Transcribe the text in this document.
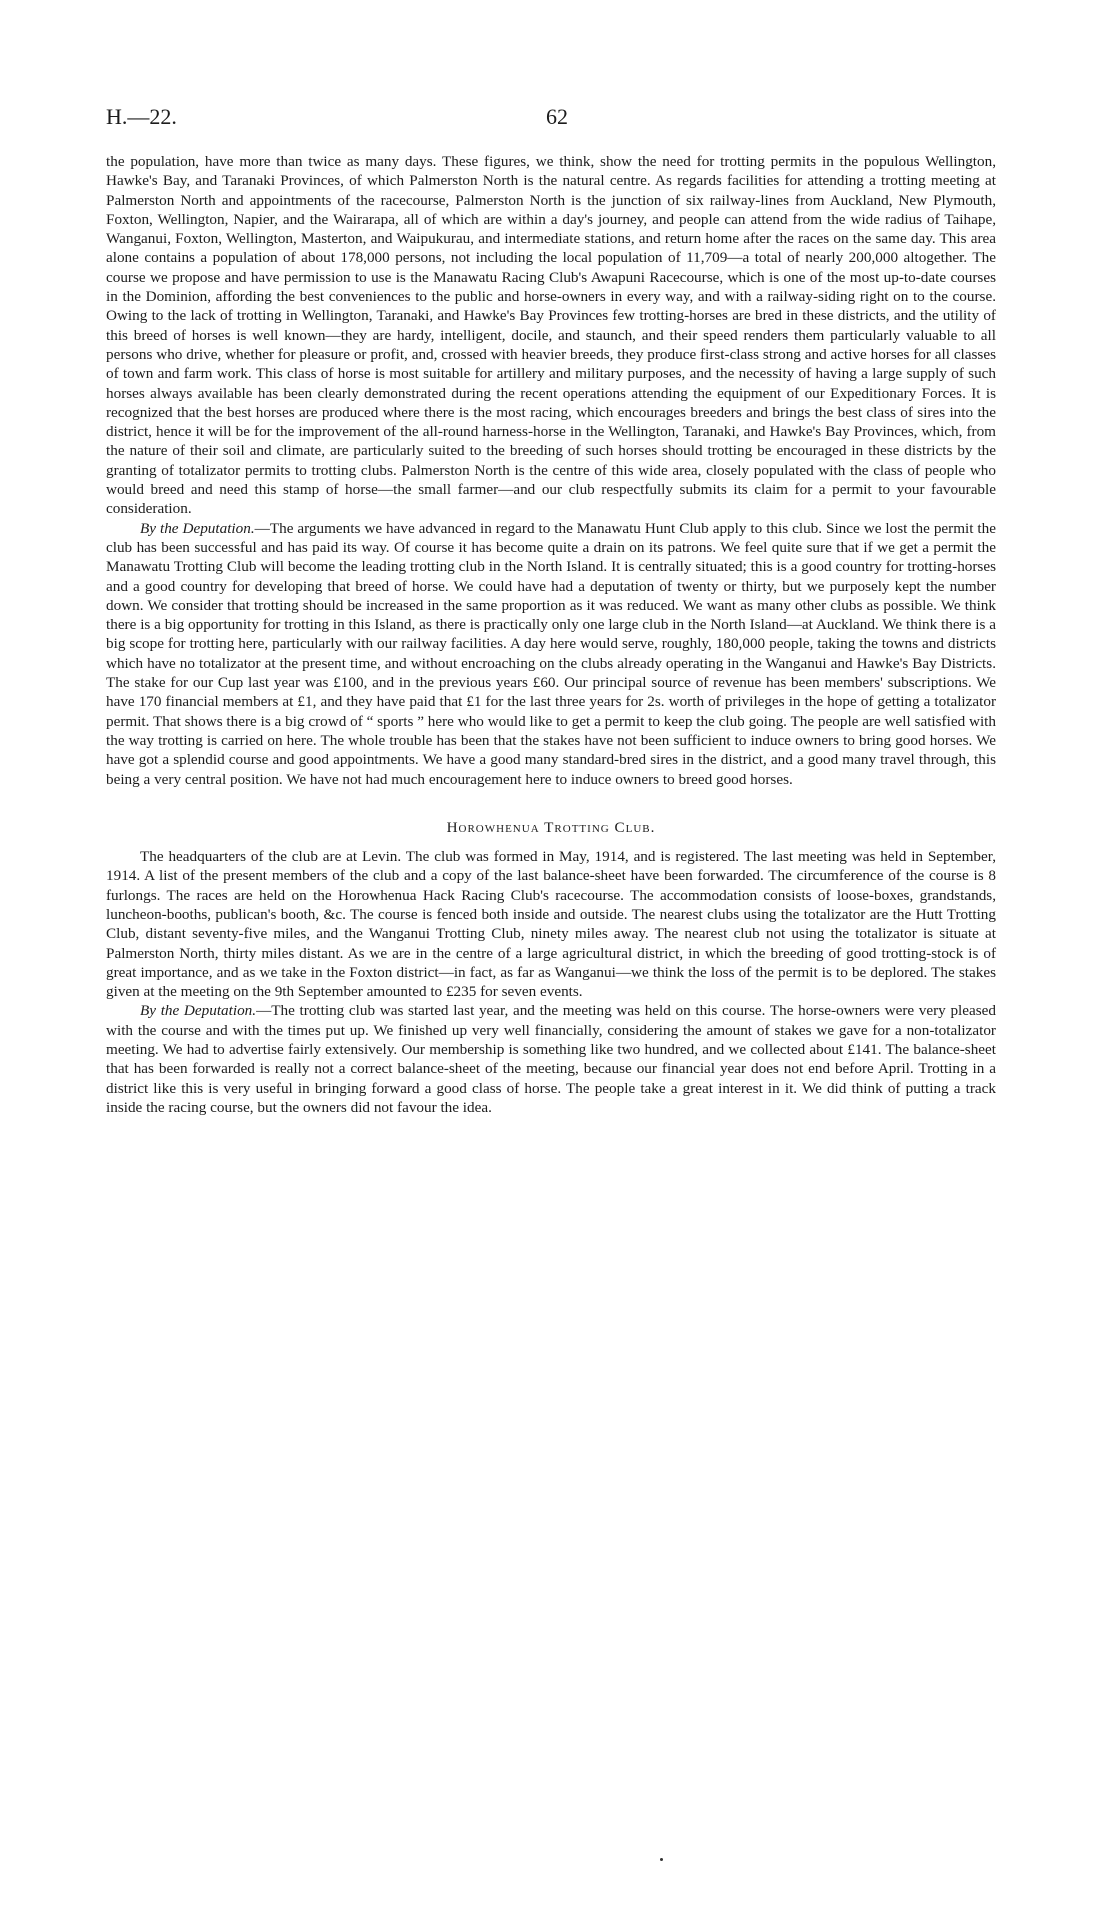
H.—22.	62

the population, have more than twice as many days. These figures, we think, show the need for trotting permits in the populous Wellington, Hawke's Bay, and Taranaki Provinces, of which Palmerston North is the natural centre. As regards facilities for attending a trotting meeting at Palmerston North and appointments of the racecourse, Palmerston North is the junction of six railway-lines from Auckland, New Plymouth, Foxton, Wellington, Napier, and the Wairarapa, all of which are within a day's journey, and people can attend from the wide radius of Taihape, Wanganui, Foxton, Wellington, Masterton, and Waipukurau, and intermediate stations, and return home after the races on the same day. This area alone contains a population of about 178,000 persons, not including the local population of 11,709—a total of nearly 200,000 altogether. The course we propose and have permission to use is the Manawatu Racing Club's Awapuni Racecourse, which is one of the most up-to-date courses in the Dominion, affording the best conveniences to the public and horse-owners in every way, and with a railway-siding right on to the course. Owing to the lack of trotting in Wellington, Taranaki, and Hawke's Bay Provinces few trotting-horses are bred in these districts, and the utility of this breed of horses is well known—they are hardy, intelligent, docile, and staunch, and their speed renders them particularly valuable to all persons who drive, whether for pleasure or profit, and, crossed with heavier breeds, they produce first-class strong and active horses for all classes of town and farm work. This class of horse is most suitable for artillery and military purposes, and the necessity of having a large supply of such horses always available has been clearly demonstrated during the recent operations attending the equipment of our Expeditionary Forces. It is recognized that the best horses are produced where there is the most racing, which encourages breeders and brings the best class of sires into the district, hence it will be for the improvement of the all-round harness-horse in the Wellington, Taranaki, and Hawke's Bay Provinces, which, from the nature of their soil and climate, are particularly suited to the breeding of such horses should trotting be encouraged in these districts by the granting of totalizator permits to trotting clubs. Palmerston North is the centre of this wide area, closely populated with the class of people who would breed and need this stamp of horse—the small farmer—and our club respectfully submits its claim for a permit to your favourable consideration.

By the Deputation.—The arguments we have advanced in regard to the Manawatu Hunt Club apply to this club. Since we lost the permit the club has been successful and has paid its way. Of course it has become quite a drain on its patrons. We feel quite sure that if we get a permit the Manawatu Trotting Club will become the leading trotting club in the North Island. It is centrally situated; this is a good country for trotting-horses and a good country for developing that breed of horse. We could have had a deputation of twenty or thirty, but we purposely kept the number down. We consider that trotting should be increased in the same proportion as it was reduced. We want as many other clubs as possible. We think there is a big opportunity for trotting in this Island, as there is practically only one large club in the North Island—at Auckland. We think there is a big scope for trotting here, particularly with our railway facilities. A day here would serve, roughly, 180,000 people, taking the towns and districts which have no totalizator at the present time, and without encroaching on the clubs already operating in the Wanganui and Hawke's Bay Districts. The stake for our Cup last year was £100, and in the previous years £60. Our principal source of revenue has been members' subscriptions. We have 170 financial members at £1, and they have paid that £1 for the last three years for 2s. worth of privileges in the hope of getting a totalizator permit. That shows there is a big crowd of “ sports ” here who would like to get a permit to keep the club going. The people are well satisfied with the way trotting is carried on here. The whole trouble has been that the stakes have not been sufficient to induce owners to bring good horses. We have got a splendid course and good appointments. We have a good many standard-bred sires in the district, and a good many travel through, this being a very central position. We have not had much encouragement here to induce owners to breed good horses.

Horowhenua Trotting Club.

The headquarters of the club are at Levin. The club was formed in May, 1914, and is registered. The last meeting was held in September, 1914. A list of the present members of the club and a copy of the last balance-sheet have been forwarded. The circumference of the course is 8 furlongs. The races are held on the Horowhenua Hack Racing Club's racecourse. The accommodation consists of loose-boxes, grandstands, luncheon-booths, publican's booth, &c. The course is fenced both inside and outside. The nearest clubs using the totalizator are the Hutt Trotting Club, distant seventy-five miles, and the Wanganui Trotting Club, ninety miles away. The nearest club not using the totalizator is situate at Palmerston North, thirty miles distant. As we are in the centre of a large agricultural district, in which the breeding of good trotting-stock is of great importance, and as we take in the Foxton district—in fact, as far as Wanganui—we think the loss of the permit is to be deplored. The stakes given at the meeting on the 9th September amounted to £235 for seven events.

By the Deputation.—The trotting club was started last year, and the meeting was held on this course. The horse-owners were very pleased with the course and with the times put up. We finished up very well financially, considering the amount of stakes we gave for a non-totalizator meeting. We had to advertise fairly extensively. Our membership is something like two hundred, and we collected about £141. The balance-sheet that has been forwarded is really not a correct balance-sheet of the meeting, because our financial year does not end before April. Trotting in a district like this is very useful in bringing forward a good class of horse. The people take a great interest in it. We did think of putting a track inside the racing course, but the owners did not favour the idea.
